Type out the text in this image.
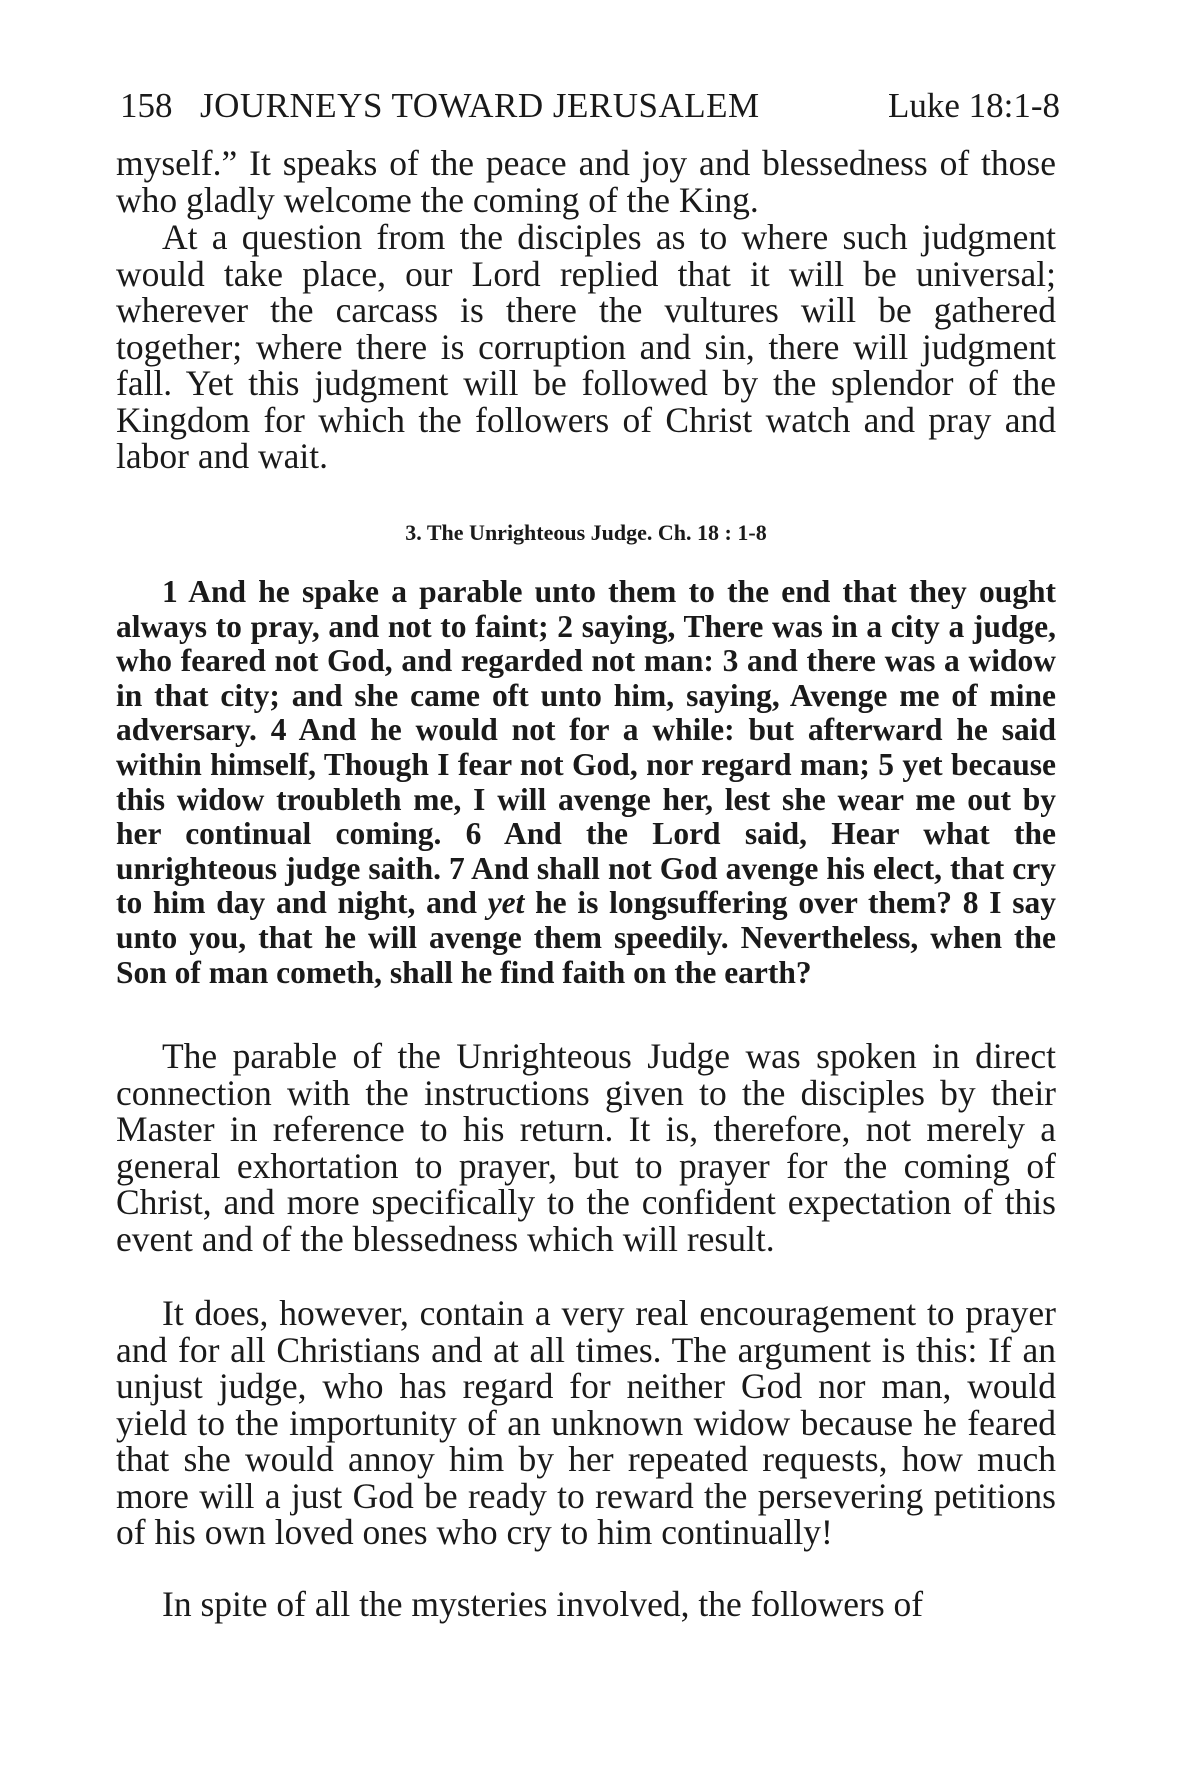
158 JOURNEYS TOWARD JERUSALEM	Luke 18:1-8

myself.” It speaks of the peace and joy and blessedness of those who gladly welcome the coming of the King.

At a question from the disciples as to where such judgment would take place, our Lord replied that it will be universal; wherever the carcass is there the vultures will be gathered together; where there is corruption and sin, there will judgment fall. Yet this judgment will be followed by the splendor of the Kingdom for which the followers of Christ watch and pray and labor and wait.

3. The Unrighteous Judge. Ch. 18 : 1-8

1 And he spake a parable unto them to the end that they ought always to pray, and not to faint; 2 saying, There was in a city a judge, who feared not God, and regarded not man: 3 and there was a widow in that city; and she came oft unto him, saying, Avenge me of mine adversary. 4 And he would not for a while: but afterward he said within himself, Though I fear not God, nor regard man; 5 yet because this widow troubleth me, I will avenge her, lest she wear me out by her continual coming. 6 And the Lord said, Hear what the unrighteous judge saith. 7 And shall not God avenge his elect, that cry to him day and night, and yet he is longsuffering over them? 8 I say unto you, that he will avenge them speedily. Nevertheless, when the Son of man cometh, shall he find faith on the earth?

The parable of the Unrighteous Judge was spoken in direct connection with the instructions given to the disciples by their Master in reference to his return. It is, therefore, not merely a general exhortation to prayer, but to prayer for the coming of Christ, and more specifically to the confident expectation of this event and of the blessedness which will result.

It does, however, contain a very real encouragement to prayer and for all Christians and at all times. The argument is this: If an unjust judge, who has regard for neither God nor man, would yield to the importunity of an unknown widow because he feared that she would annoy him by her repeated requests, how much more will a just God be ready to reward the persevering petitions of his own loved ones who cry to him continually!

In spite of all the mysteries involved, the followers of
